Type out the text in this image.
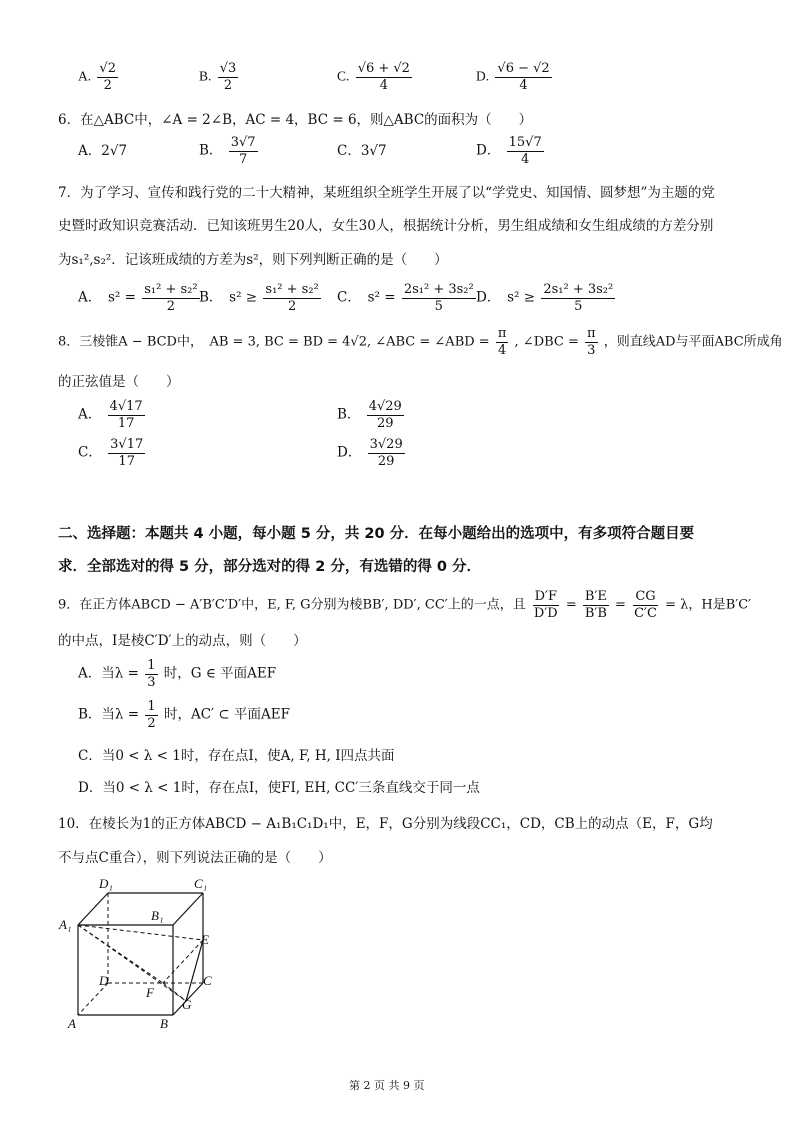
A. $\frac{√2}{2}$	B. $\frac{√3}{2}$	C. $\frac{√6 + √2}{4}$	D. $\frac{√6 - √2}{4}$
6．在△ABC中，∠A = 2∠B，AC = 4，BC = 6，则△ABC的面积为（　　）
A．2√7	B． $\frac{3√7}{7}$	C．3√7	D． $\frac{15√7}{4}$
7．为了学习、宣传和践行党的二十大精神，某班组织全班学生开展了以“学党史、知国情、圆梦想”为主题的党
史暨时政知识竞赛活动．已知该班男生20人，女生30人，根据统计分析，男生组成绩和女生组成绩的方差分别
为s₁²,s₂²．记该班成绩的方差为s²，则下列判断正确的是（　　）
A．　$s^2 = \frac{\text{s₁² + s₂²}}{2}$ B．　$s^2 \ge \frac{\text{s₁² + s₂²}}{2}$ C．　$s^2 = \frac{\text{2s₁² + 3s₂²}}{5}$ D．　$s^2 \ge \frac{\text{2s₁² + 3s₂²}}{5}$
8．三棱锥A − BCD中，　AB = 3, BC = BD = 4√2, ∠ABC = ∠ABD = $\frac{\pi}{4}$ , ∠DBC = $\frac{\pi}{3}$ ，则直线AD与平面ABC所成角
的正弦值是（　　）
A． $\frac{4√17}{17}$	B． $\frac{4√29}{29}$
C． $\frac{3√17}{17}$	D． $\frac{3√29}{29}$
二、选择题：本题共 4 小题，每小题 5 分，共 20 分．在每小题给出的选项中，有多项符合题目要
求．全部选对的得 5 分，部分选对的得 2 分，有选错的得 0 分．
9．在正方体ABCD − A′B′C′D′中，E, F, G分别为棱BB′, DD′, CC′上的一点，且 $\frac{D'F}{D'D} = \frac{B'E}{B'B} = \frac{CG}{C'C} = \lambda$，H是B′C′
的中点，I是棱C′D′上的动点，则（　　）
A．当$\lambda = \frac{1}{3}$ 时，G ∈ 平面AEF
B．当$\lambda = \frac{1}{2}$ 时，AC′ ⊂ 平面AEF
C．当0 < λ < 1时，存在点I，使A, F, H, I四点共面
D．当0 < λ < 1时，存在点I，使FI, EH, CC′三条直线交于同一点
10．在棱长为1的正方体ABCD − A₁B₁C₁D₁中，E，F，G分别为线段CC₁，CD，CB上的动点（E，F，G均
不与点C重合），则下列说法正确的是（　　）
D₁	C₁
B₁
A₁
E
D	C
F
G
A	B
第 2 页 共 9 页
